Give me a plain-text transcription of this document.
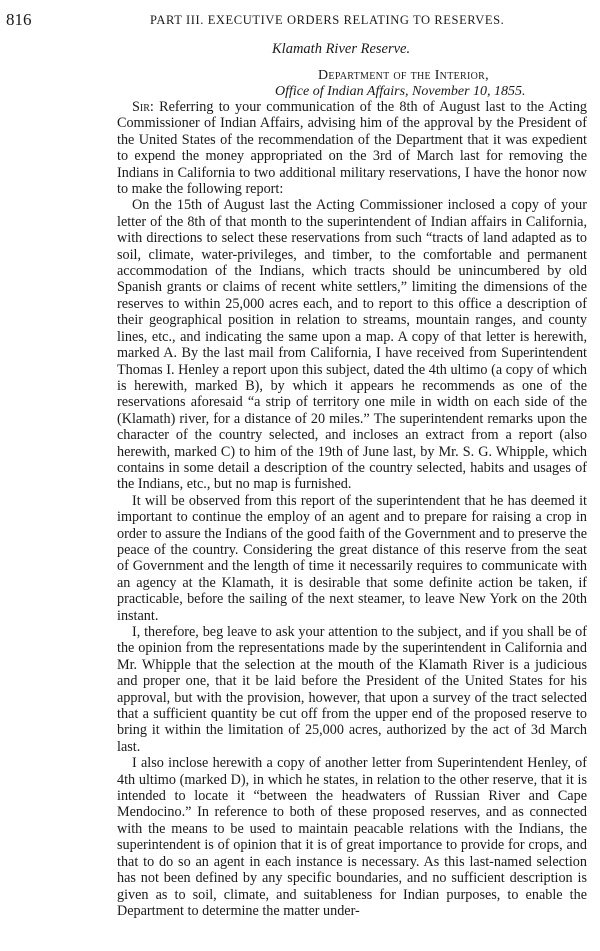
816	PART III. EXECUTIVE ORDERS RELATING TO RESERVES.
Klamath River Reserve.
Department of the Interior,
Office of Indian Affairs, November 10, 1855.

Sir: Referring to your communication of the 8th of August last to the Acting Commissioner of Indian Affairs, advising him of the approval by the President of the United States of the recommendation of the Department that it was expedient to expend the money appropriated on the 3rd of March last for removing the Indians in California to two additional military reservations, I have the honor now to make the following report:

On the 15th of August last the Acting Commissioner inclosed a copy of your letter of the 8th of that month to the superintendent of Indian affairs in California, with directions to select these reservations from such “tracts of land adapted as to soil, climate, water-privileges, and timber, to the comfortable and permanent accommodation of the Indians, which tracts should be unincumbered by old Spanish grants or claims of recent white settlers,” limiting the dimensions of the reserves to within 25,000 acres each, and to report to this office a description of their geographical position in relation to streams, mountain ranges, and county lines, etc., and indicating the same upon a map. A copy of that letter is herewith, marked A. By the last mail from California, I have received from Superintendent Thomas I. Henley a report upon this subject, dated the 4th ultimo (a copy of which is herewith, marked B), by which it appears he recommends as one of the reservations aforesaid “a strip of territory one mile in width on each side of the (Klamath) river, for a distance of 20 miles.” The superintendent remarks upon the character of the country selected, and incloses an extract from a report (also herewith, marked C) to him of the 19th of June last, by Mr. S. G. Whipple, which contains in some detail a description of the country selected, habits and usages of the Indians, etc., but no map is furnished.

It will be observed from this report of the superintendent that he has deemed it important to continue the employ of an agent and to prepare for raising a crop in order to assure the Indians of the good faith of the Government and to preserve the peace of the country. Considering the great distance of this reserve from the seat of Government and the length of time it necessarily requires to communicate with an agency at the Klamath, it is desirable that some definite action be taken, if practicable, before the sailing of the next steamer, to leave New York on the 20th instant.

I, therefore, beg leave to ask your attention to the subject, and if you shall be of the opinion from the representations made by the superintendent in California and Mr. Whipple that the selection at the mouth of the Klamath River is a judicious and proper one, that it be laid before the President of the United States for his approval, but with the provision, however, that upon a survey of the tract selected that a sufficient quantity be cut off from the upper end of the proposed reserve to bring it within the limitation of 25,000 acres, authorized by the act of 3d March last.

I also inclose herewith a copy of another letter from Superintendent Henley, of 4th ultimo (marked D), in which he states, in relation to the other reserve, that it is intended to locate it “between the headwaters of Russian River and Cape Mendocino.” In reference to both of these proposed reserves, and as connected with the means to be used to maintain peacable relations with the Indians, the superintendent is of opinion that it is of great importance to provide for crops, and that to do so an agent in each instance is necessary. As this last-named selection has not been defined by any specific boundaries, and no sufficient description is given as to soil, climate, and suitableness for Indian purposes, to enable the Department to determine the matter under-
